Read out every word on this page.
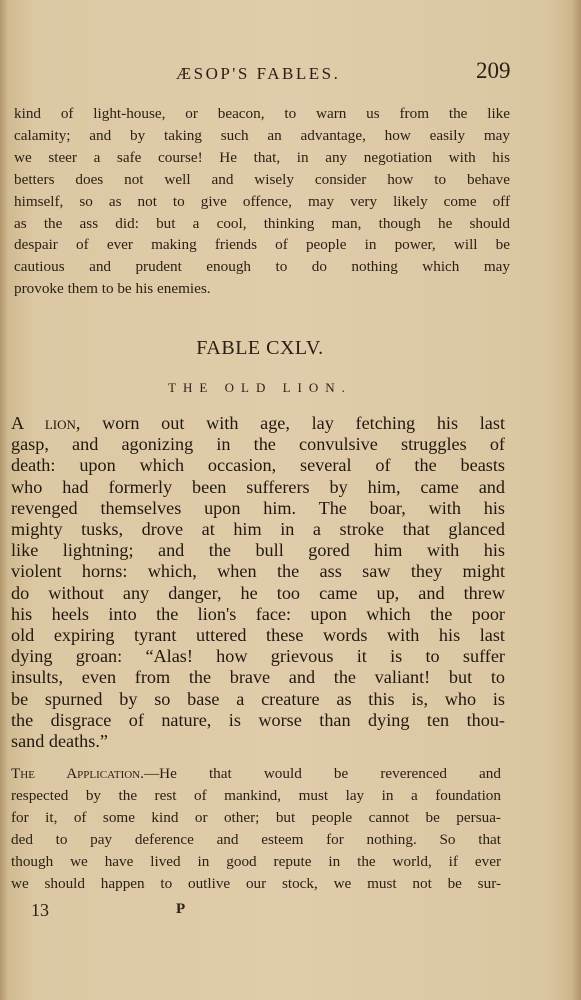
ÆSOP'S FABLES.	209
kind of light-house, or beacon, to warn us from the like
calamity; and by taking such an advantage, how easily may
we steer a safe course! He that, in any negotiation with his
betters does not well and wisely consider how to behave
himself, so as not to give offence, may very likely come off
as the ass did: but a cool, thinking man, though he should
despair of ever making friends of people in power, will be
cautious and prudent enough to do nothing which may
provoke them to be his enemies.
FABLE CXLV.
THE OLD LION.
A lion, worn out with age, lay fetching his last
gasp, and agonizing in the convulsive struggles of
death: upon which occasion, several of the beasts
who had formerly been sufferers by him, came and
revenged themselves upon him. The boar, with his
mighty tusks, drove at him in a stroke that glanced
like lightning; and the bull gored him with his
violent horns: which, when the ass saw they might
do without any danger, he too came up, and threw
his heels into the lion's face: upon which the poor
old expiring tyrant uttered these words with his last
dying groan: “Alas! how grievous it is to suffer
insults, even from the brave and the valiant! but to
be spurned by so base a creature as this is, who is
the disgrace of nature, is worse than dying ten thou-
sand deaths.”
The Application.—He that would be reverenced and
respected by the rest of mankind, must lay in a foundation
for it, of some kind or other; but people cannot be persua-
ded to pay deference and esteem for nothing. So that
though we have lived in good repute in the world, if ever
we should happen to outlive our stock, we must not be sur-
13	P
